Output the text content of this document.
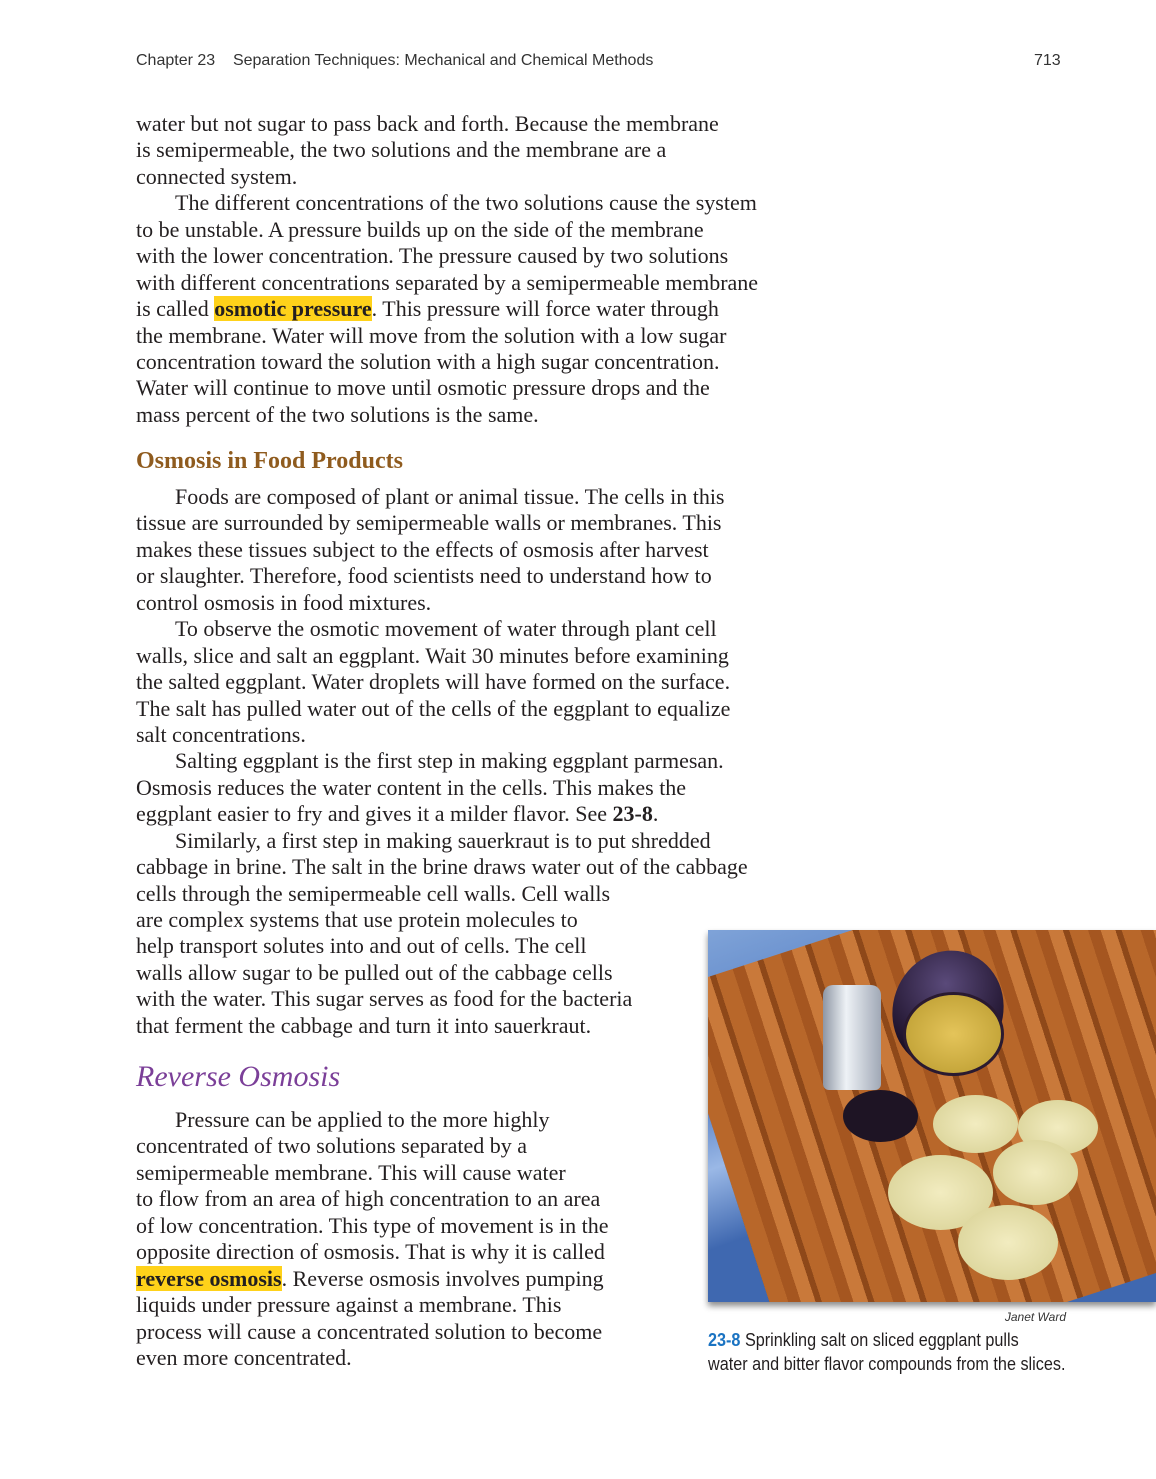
Chapter 23 Separation Techniques: Mechanical and Chemical Methods	713
water but not sugar to pass back and forth. Because the membrane
is semipermeable, the two solutions and the membrane are a
connected system.
The different concentrations of the two solutions cause the system
to be unstable. A pressure builds up on the side of the membrane
with the lower concentration. The pressure caused by two solutions
with different concentrations separated by a semipermeable membrane
is called osmotic pressure. This pressure will force water through
the membrane. Water will move from the solution with a low sugar
concentration toward the solution with a high sugar concentration.
Water will continue to move until osmotic pressure drops and the
mass percent of the two solutions is the same.
Osmosis in Food Products
Foods are composed of plant or animal tissue. The cells in this
tissue are surrounded by semipermeable walls or membranes. This
makes these tissues subject to the effects of osmosis after harvest
or slaughter. Therefore, food scientists need to understand how to
control osmosis in food mixtures.
To observe the osmotic movement of water through plant cell
walls, slice and salt an eggplant. Wait 30 minutes before examining
the salted eggplant. Water droplets will have formed on the surface.
The salt has pulled water out of the cells of the eggplant to equalize
salt concentrations.
Salting eggplant is the first step in making eggplant parmesan.
Osmosis reduces the water content in the cells. This makes the
eggplant easier to fry and gives it a milder flavor. See 23-8.
Similarly, a first step in making sauerkraut is to put shredded
cabbage in brine. The salt in the brine draws water out of the cabbage
cells through the semipermeable cell walls. Cell walls
are complex systems that use protein molecules to
help transport solutes into and out of cells. The cell
walls allow sugar to be pulled out of the cabbage cells
with the water. This sugar serves as food for the bacteria
that ferment the cabbage and turn it into sauerkraut.
Reverse Osmosis
Pressure can be applied to the more highly
concentrated of two solutions separated by a
semipermeable membrane. This will cause water
to flow from an area of high concentration to an area
of low concentration. This type of movement is in the
opposite direction of osmosis. That is why it is called
reverse osmosis. Reverse osmosis involves pumping
liquids under pressure against a membrane. This
process will cause a concentrated solution to become
even more concentrated.
Janet Ward
23-8 Sprinkling salt on sliced eggplant pulls
water and bitter flavor compounds from the slices.
